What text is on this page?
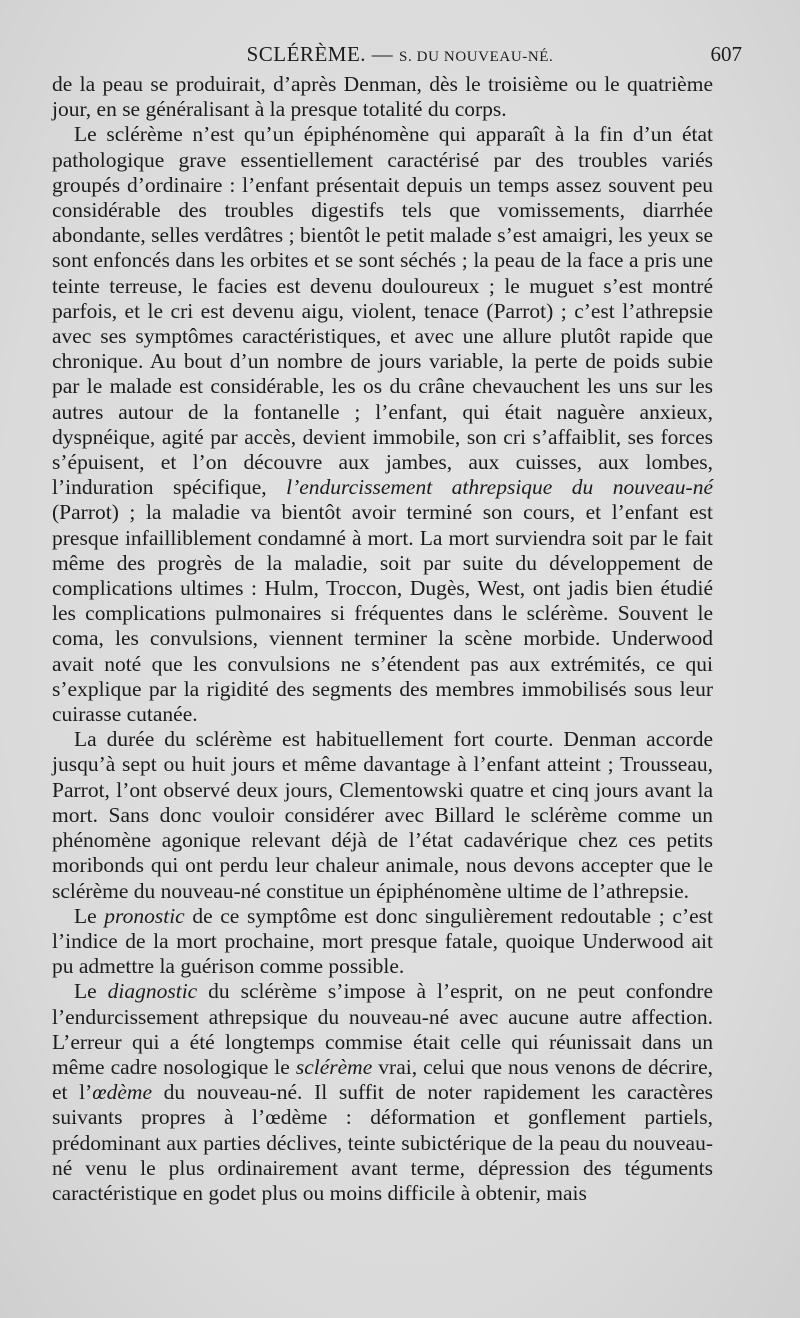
SCLÉRÈME. — S. DU NOUVEAU-NÉ.	607

de la peau se produirait, d’après Denman, dès le troisième ou le quatrième jour, en se généralisant à la presque totalité du corps.

Le sclérème n’est qu’un épiphénomène qui apparaît à la fin d’un état pathologique grave essentiellement caractérisé par des troubles variés groupés d’ordinaire : l’enfant présentait depuis un temps assez souvent peu considérable des troubles digestifs tels que vomissements, diarrhée abondante, selles verdâtres ; bientôt le petit malade s’est amaigri, les yeux se sont enfoncés dans les orbites et se sont séchés ; la peau de la face a pris une teinte terreuse, le facies est devenu douloureux ; le muguet s’est montré parfois, et le cri est devenu aigu, violent, tenace (Parrot) ; c’est l’athrepsie avec ses symptômes caractéristiques, et avec une allure plutôt rapide que chronique. Au bout d’un nombre de jours variable, la perte de poids subie par le malade est considérable, les os du crâne chevauchent les uns sur les autres autour de la fontanelle ; l’enfant, qui était naguère anxieux, dyspnéique, agité par accès, devient immobile, son cri s’affaiblit, ses forces s’épuisent, et l’on découvre aux jambes, aux cuisses, aux lombes, l’induration spécifique, l’endurcissement athrepsique du nouveau-né (Parrot) ; la maladie va bientôt avoir terminé son cours, et l’enfant est presque infailliblement condamné à mort. La mort surviendra soit par le fait même des progrès de la maladie, soit par suite du développement de complications ultimes : Hulm, Troccon, Dugès, West, ont jadis bien étudié les complications pulmonaires si fréquentes dans le sclérème. Souvent le coma, les convulsions, viennent terminer la scène morbide. Underwood avait noté que les convulsions ne s’étendent pas aux extrémités, ce qui s’explique par la rigidité des segments des membres immobilisés sous leur cuirasse cutanée.

La durée du sclérème est habituellement fort courte. Denman accorde jusqu’à sept ou huit jours et même davantage à l’enfant atteint ; Trousseau, Parrot, l’ont observé deux jours, Clementowski quatre et cinq jours avant la mort. Sans donc vouloir considérer avec Billard le sclérème comme un phénomène agonique relevant déjà de l’état cadavérique chez ces petits moribonds qui ont perdu leur chaleur animale, nous devons accepter que le sclérème du nouveau-né constitue un épiphénomène ultime de l’athrepsie.

Le pronostic de ce symptôme est donc singulièrement redoutable ; c’est l’indice de la mort prochaine, mort presque fatale, quoique Underwood ait pu admettre la guérison comme possible.

Le diagnostic du sclérème s’impose à l’esprit, on ne peut confondre l’endurcissement athrepsique du nouveau-né avec aucune autre affection. L’erreur qui a été longtemps commise était celle qui réunissait dans un même cadre nosologique le sclérème vrai, celui que nous venons de décrire, et l’œdème du nouveau-né. Il suffit de noter rapidement les caractères suivants propres à l’œdème : déformation et gonflement partiels, prédominant aux parties déclives, teinte subictérique de la peau du nouveau-né venu le plus ordinairement avant terme, dépression des téguments caractéristique en godet plus ou moins difficile à obtenir, mais
